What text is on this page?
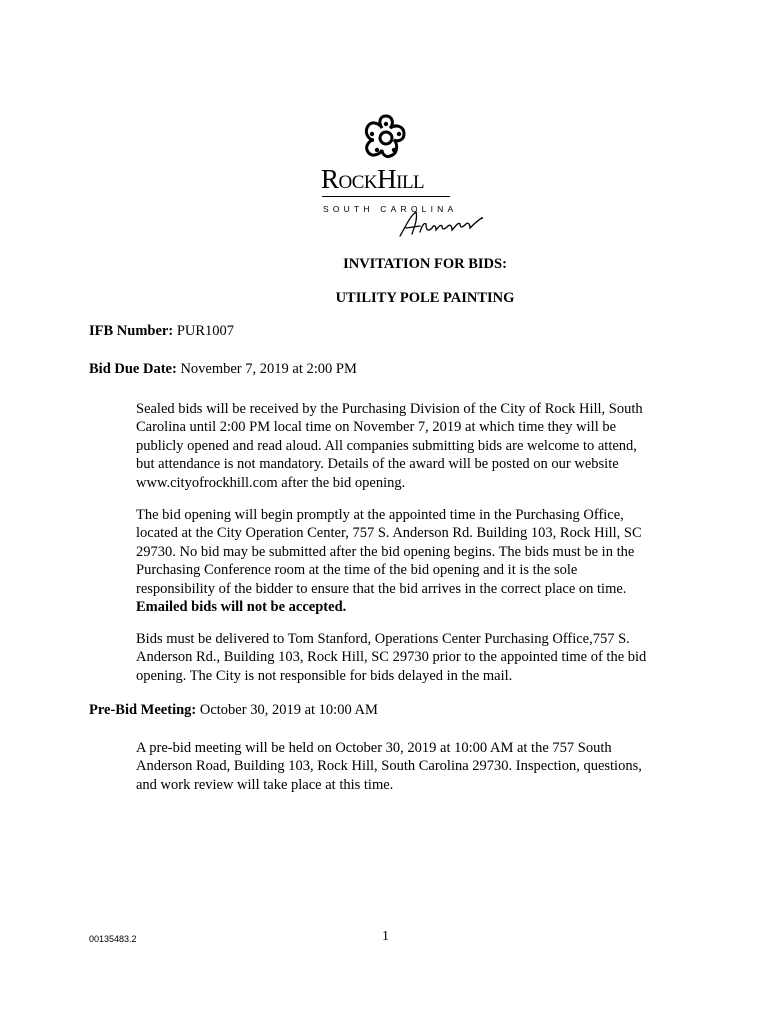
RockHill
SOUTH CAROLINA
INVITATION FOR BIDS:
UTILITY POLE PAINTING
IFB Number: PUR1007
Bid Due Date: November 7, 2019 at 2:00 PM
Sealed bids will be received by the Purchasing Division of the City of Rock Hill, South
Carolina until 2:00 PM local time on November 7, 2019 at which time they will be
publicly opened and read aloud. All companies submitting bids are welcome to attend,
but attendance is not mandatory. Details of the award will be posted on our website
www.cityofrockhill.com after the bid opening.
The bid opening will begin promptly at the appointed time in the Purchasing Office,
located at the City Operation Center, 757 S. Anderson Rd. Building 103, Rock Hill, SC
29730. No bid may be submitted after the bid opening begins. The bids must be in the
Purchasing Conference room at the time of the bid opening and it is the sole
responsibility of the bidder to ensure that the bid arrives in the correct place on time.
Emailed bids will not be accepted.
Bids must be delivered to Tom Stanford, Operations Center Purchasing Office,757 S.
Anderson Rd., Building 103, Rock Hill, SC 29730 prior to the appointed time of the bid
opening. The City is not responsible for bids delayed in the mail.
Pre-Bid Meeting: October 30, 2019 at 10:00 AM
A pre-bid meeting will be held on October 30, 2019 at 10:00 AM at the 757 South
Anderson Road, Building 103, Rock Hill, South Carolina 29730. Inspection, questions,
and work review will take place at this time.
00135483.2	1
